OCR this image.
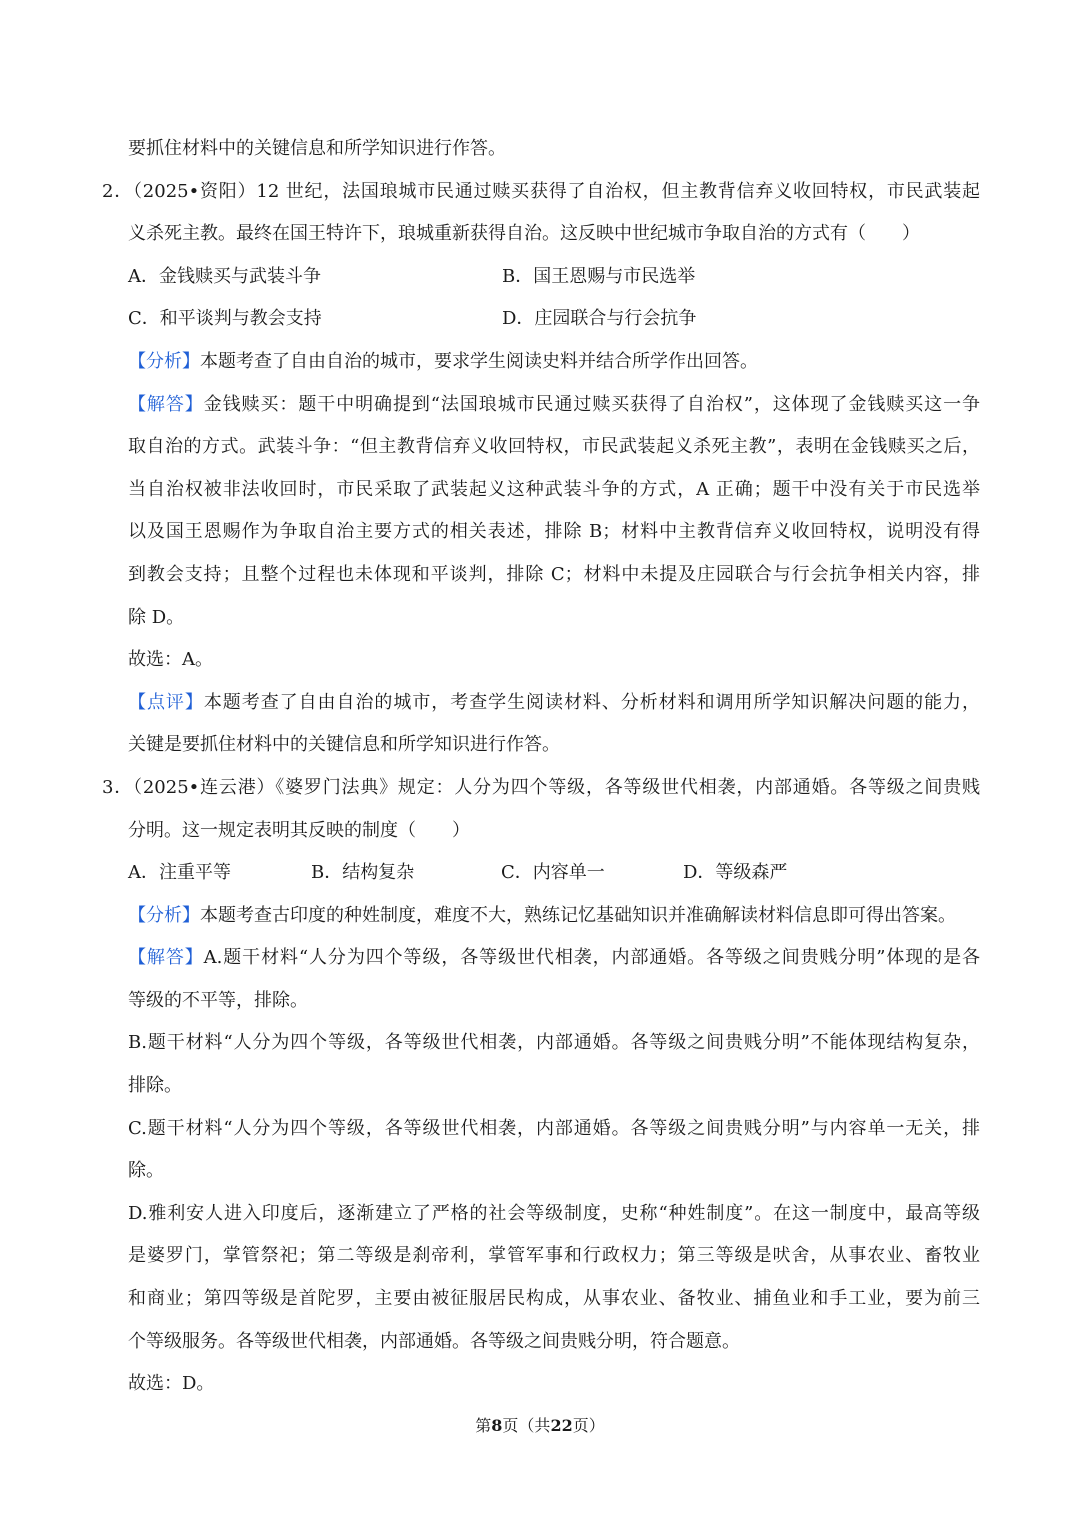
要抓住材料中的关键信息和所学知识进行作答。
2．（2025•资阳）12 世纪，法国琅城市民通过赎买获得了自治权，但主教背信弃义收回特权，市民武装起
义杀死主教。最终在国王特许下，琅城重新获得自治。这反映中世纪城市争取自治的方式有（　　）
A．金钱赎买与武装斗争	B．国王恩赐与市民选举
C．和平谈判与教会支持	D．庄园联合与行会抗争
【分析】本题考查了自由自治的城市，要求学生阅读史料并结合所学作出回答。
【解答】金钱赎买：题干中明确提到“法国琅城市民通过赎买获得了自治权”，这体现了金钱赎买这一争
取自治的方式。武装斗争：“但主教背信弃义收回特权，市民武装起义杀死主教”，表明在金钱赎买之后，
当自治权被非法收回时，市民采取了武装起义这种武装斗争的方式，A 正确；题干中没有关于市民选举
以及国王恩赐作为争取自治主要方式的相关表述，排除 B；材料中主教背信弃义收回特权，说明没有得
到教会支持；且整个过程也未体现和平谈判，排除 C；材料中未提及庄园联合与行会抗争相关内容，排
除 D。
故选：A。
【点评】本题考查了自由自治的城市，考查学生阅读材料、分析材料和调用所学知识解决问题的能力，
关键是要抓住材料中的关键信息和所学知识进行作答。
3．（2025•连云港）《婆罗门法典》规定：人分为四个等级，各等级世代相袭，内部通婚。各等级之间贵贱
分明。这一规定表明其反映的制度（　　）
A．注重平等	B．结构复杂	C．内容单一	D．等级森严
【分析】本题考查古印度的种姓制度，难度不大，熟练记忆基础知识并准确解读材料信息即可得出答案。
【解答】A.题干材料“人分为四个等级，各等级世代相袭，内部通婚。各等级之间贵贱分明”体现的是各
等级的不平等，排除。
B.题干材料“人分为四个等级，各等级世代相袭，内部通婚。各等级之间贵贱分明”不能体现结构复杂，
排除。
C.题干材料“人分为四个等级，各等级世代相袭，内部通婚。各等级之间贵贱分明”与内容单一无关，排
除。
D.雅利安人进入印度后，逐渐建立了严格的社会等级制度，史称“种姓制度”。在这一制度中，最高等级
是婆罗门，掌管祭祀；第二等级是刹帝利，掌管军事和行政权力；第三等级是吠舍，从事农业、畜牧业
和商业；第四等级是首陀罗，主要由被征服居民构成，从事农业、备牧业、捕鱼业和手工业，要为前三
个等级服务。各等级世代相袭，内部通婚。各等级之间贵贱分明，符合题意。
故选：D。
第8页（共22页）
